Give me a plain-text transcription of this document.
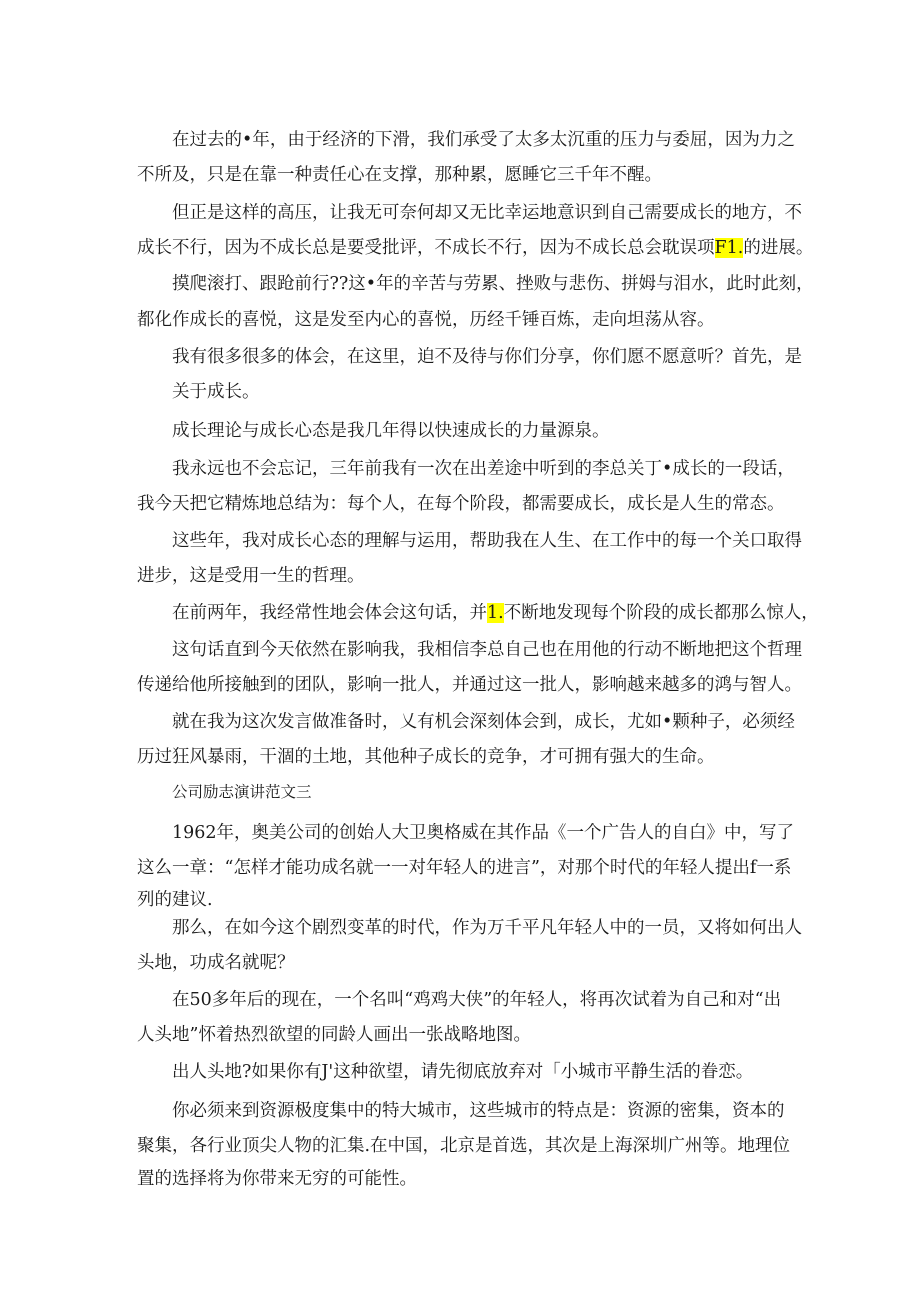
在过去的•年，由于经济的下滑，我们承受了太多太沉重的压力与委屈，因为力之
不所及，只是在靠一种责任心在支撑，那种累，愿睡它三千年不醒。
但正是这样的高压，让我无可奈何却又无比幸运地意识到自己需要成长的地方，不
成长不行，因为不成长总是要受批评，不成长不行，因为不成长总会耽误项F1.的进展。
摸爬滚打、跟跄前行??这•年的辛苦与劳累、挫败与悲伤、拼姆与泪水，此时此刻，
都化作成长的喜悦，这是发至内心的喜悦，历经千锤百炼，走向坦荡从容。
我有很多很多的体会，在这里，迫不及待与你们分享，你们愿不愿意听？首先，是
关于成长。
成长理论与成长心态是我几年得以快速成长的力量源泉。
我永远也不会忘记，三年前我有一次在出差途中听到的李总关丁•成长的一段话，
我今天把它精炼地总结为：每个人，在每个阶段，都需要成长，成长是人生的常态。
这些年，我对成长心态的理解与运用，帮助我在人生、在工作中的每一个关口取得
进步，这是受用一生的哲理。
在前两年，我经常性地会体会这句话，并1.不断地发现每个阶段的成长都那么惊人，
这句话直到今天依然在影响我，我相信李总自己也在用他的行动不断地把这个哲理
传递给他所接触到的团队，影响一批人，并通过这一批人，影响越来越多的鸿与智人。
就在我为这次发言做准备时，乂有机会深刻体会到，成长，尤如•颗种子，必须经
历过狂风暴雨，干涸的土地，其他种子成长的竞争，才可拥有强大的生命。
公司励志演讲范文三
1962年，奥美公司的创始人大卫奥格威在其作品《一个广告人的自白》中，写了
这么一章：“怎样才能功成名就一一对年轻人的进言”，对那个时代的年轻人提出f一系
列的建议.
那么，在如今这个剧烈变革的时代，作为万千平凡年轻人中的一员，又将如何出人
头地，功成名就呢？
在50多年后的现在，一个名叫“鸡鸡大侠”的年轻人，将再次试着为自己和对“出
人头地”怀着热烈欲望的同龄人画出一张战略地图。
出人头地?如果你有J'这种欲望，请先彻底放弃对「小城市平静生活的眷恋。
你必须来到资源极度集中的特大城市，这些城市的特点是：资源的密集，资本的
聚集，各行业顶尖人物的汇集.在中国，北京是首选，其次是上海深圳广州等。地理位
置的选择将为你带来无穷的可能性。
